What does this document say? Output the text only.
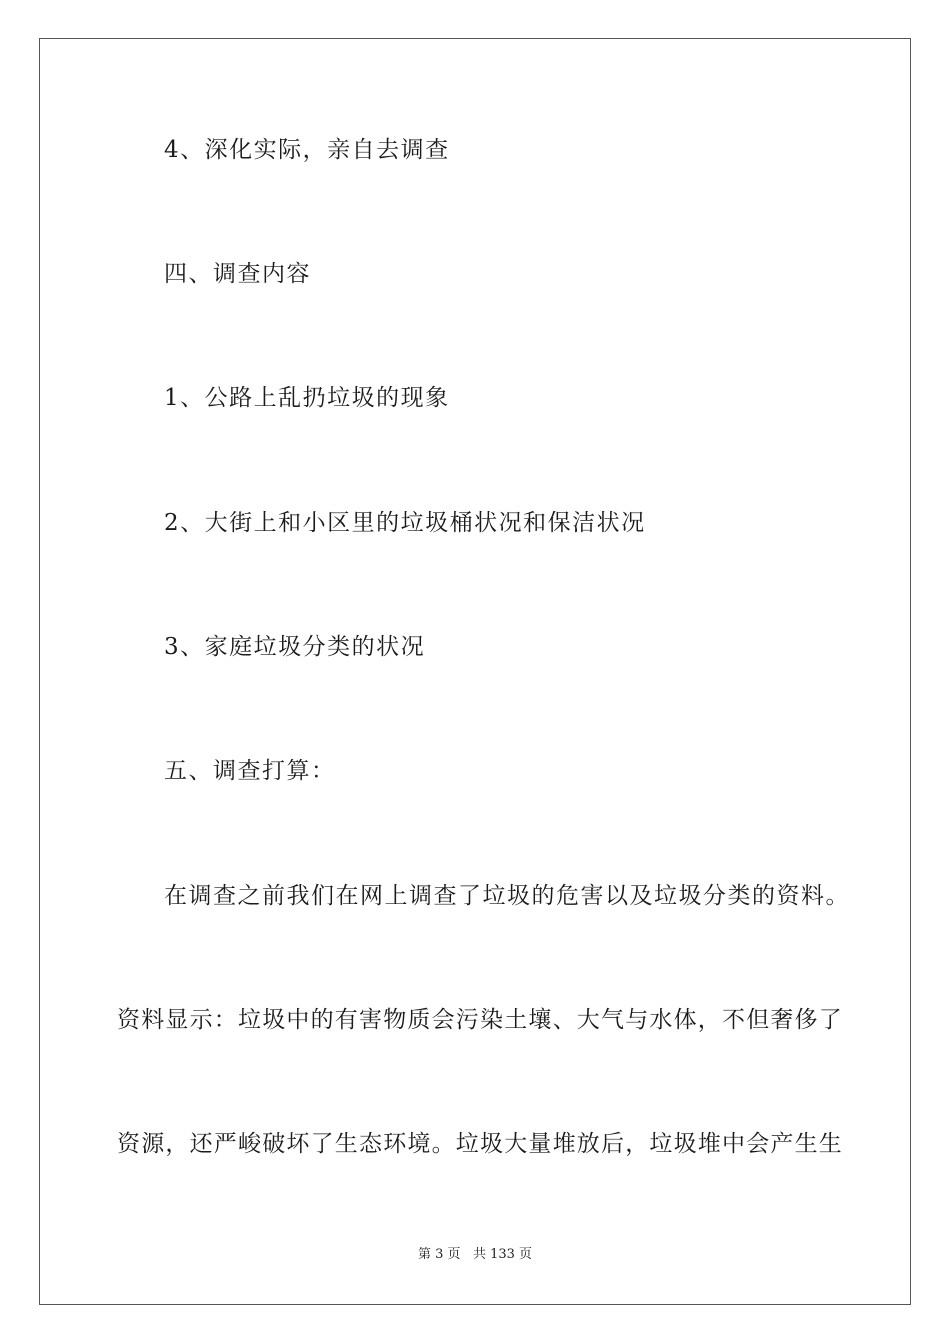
4、深化实际，亲自去调查
四、调查内容
1、公路上乱扔垃圾的现象
2、大街上和小区里的垃圾桶状况和保洁状况
3、家庭垃圾分类的状况
五、调查打算：
在调查之前我们在网上调查了垃圾的危害以及垃圾分类的资料。
资料显示：垃圾中的有害物质会污染土壤、大气与水体，不但奢侈了
资源，还严峻破坏了生态环境。垃圾大量堆放后，垃圾堆中会产生生
第 3 页 共 133 页
